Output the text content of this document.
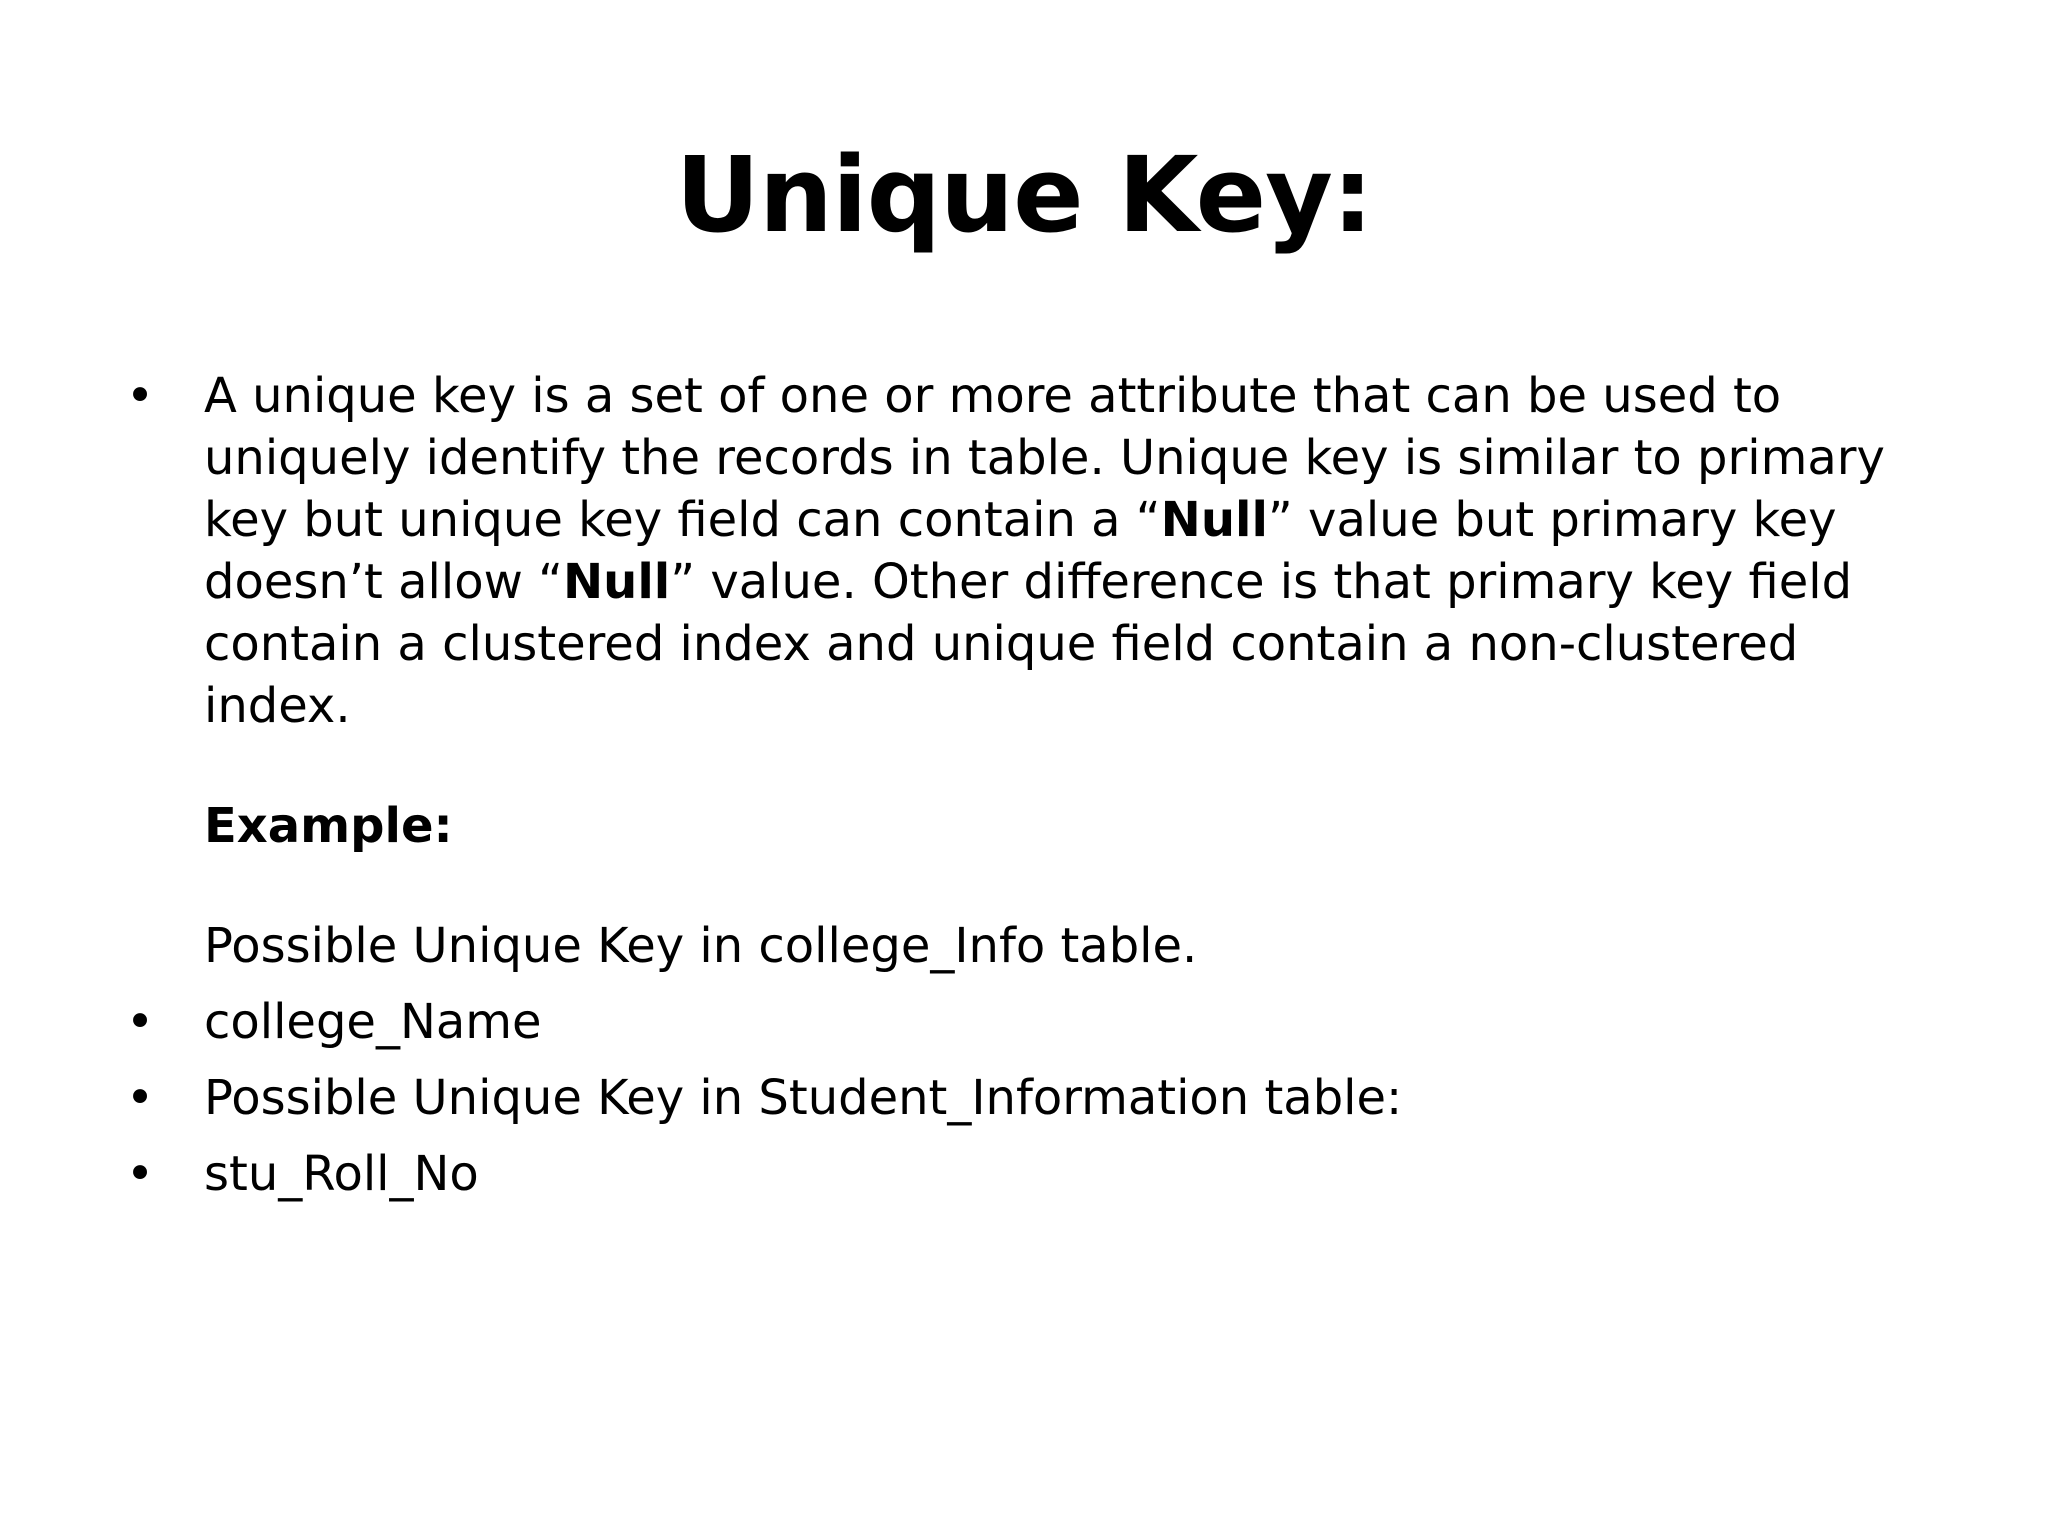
Unique Key:
• A unique key is a set of one or more attribute that can be used to uniquely identify the records in table. Unique key is similar to primary key but unique key field can contain a “Null” value but primary key doesn’t allow “Null” value. Other difference is that primary key field contain a clustered index and unique field contain a non-clustered index.
Example:
Possible Unique Key in college_Info table.
• college_Name
• Possible Unique Key in Student_Information table:
• stu_Roll_No
